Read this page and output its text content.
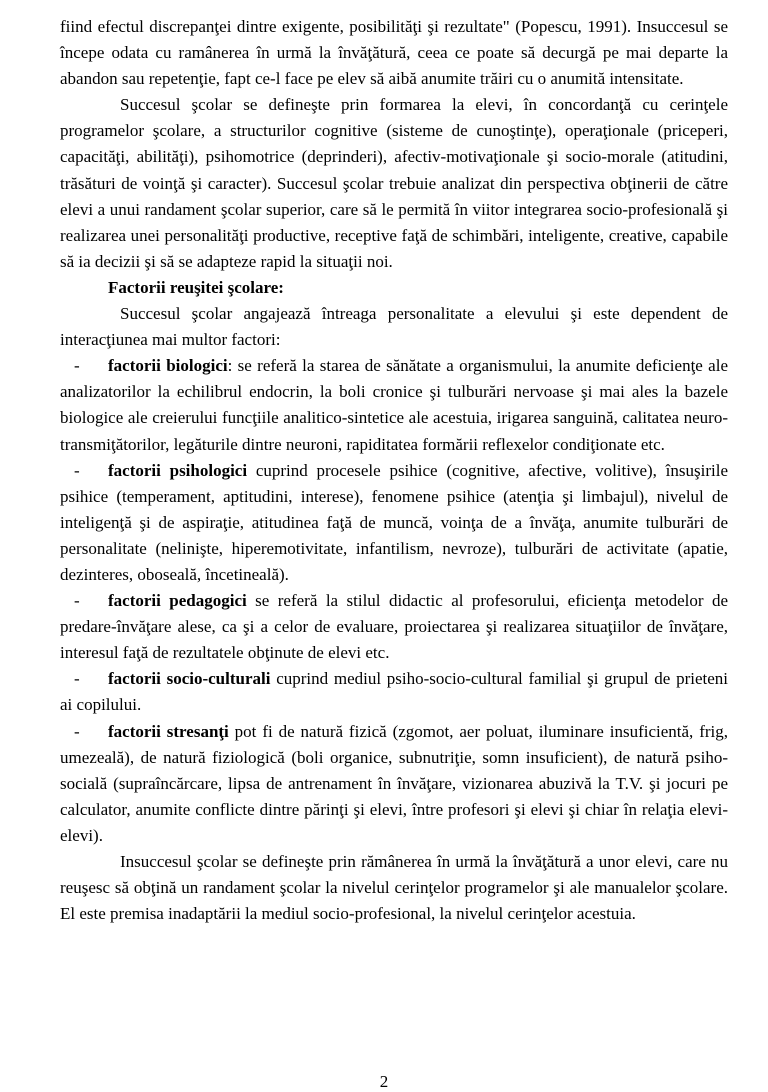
fiind efectul discrepanţei dintre exigente, posibilităţi şi rezultate" (Popescu, 1991). Insuccesul se începe odata cu ramânerea în urmă la învăţătură, ceea ce poate să decurgă pe mai departe la abandon sau repetenţie, fapt ce-l face pe elev să aibă anumite trăiri cu o anumită intensitate.

Succesul şcolar se defineşte prin formarea la elevi, în concordanţă cu cerinţele programelor şcolare, a structurilor cognitive (sisteme de cunoştinţe), operaţionale (priceperi, capacităţi, abilităţi), psihomotrice (deprinderi), afectiv-motivaţionale şi socio-morale (atitudini, trăsături de voinţă şi caracter). Succesul şcolar trebuie analizat din perspectiva obţinerii de către elevi a unui randament şcolar superior, care să le permită în viitor integrarea socio-profesională şi realizarea unei personalităţi productive, receptive faţă de schimbări, inteligente, creative, capabile să ia decizii şi să se adapteze rapid la situaţii noi.

Factorii reuşitei şcolare:

Succesul şcolar angajează întreaga personalitate a elevului şi este dependent de interacţiunea mai multor factori:

- factorii biologici: se referă la starea de sănătate a organismului, la anumite deficienţe ale analizatorilor la echilibrul endocrin, la boli cronice şi tulburări nervoase şi mai ales la bazele biologice ale creierului funcţiile analitico-sintetice ale acestuia, irigarea sanguină, calitatea neuro-transmiţătorilor, legăturile dintre neuroni, rapiditatea formării reflexelor condiţionate etc.

- factorii psihologici cuprind procesele psihice (cognitive, afective, volitive), însuşirile psihice (temperament, aptitudini, interese), fenomene psihice (atenţia şi limbajul), nivelul de inteligenţă şi de aspiraţie, atitudinea faţă de muncă, voinţa de a învăţa, anumite tulburări de personalitate (nelinişte, hiperemotivitate, infantilism, nevroze), tulburări de activitate (apatie, dezinteres, oboseală, încetineală).

- factorii pedagogici se referă la stilul didactic al profesorului, eficienţa metodelor de predare-învăţare alese, ca şi a celor de evaluare, proiectarea şi realizarea situaţiilor de învăţare, interesul faţă de rezultatele obţinute de elevi etc.

- factorii socio-culturali cuprind mediul psiho-socio-cultural familial şi grupul de prieteni ai copilului.

- factorii stresanţi pot fi de natură fizică (zgomot, aer poluat, iluminare insuficientă, frig, umezeală), de natură fiziologică (boli organice, subnutriţie, somn insuficient), de natură psiho-socială (supraîncărcare, lipsa de antrenament în învăţare, vizionarea abuzivă la T.V. şi jocuri pe calculator, anumite conflicte dintre părinţi şi elevi, între profesori şi elevi şi chiar în relaţia elevi-elevi).

Insuccesul şcolar se defineşte prin rămânerea în urmă la învăţătură a unor elevi, care nu reuşesc să obţină un randament şcolar la nivelul cerinţelor programelor şi ale manualelor şcolare. El este premisa inadaptării la mediul socio-profesional, la nivelul cerinţelor acestuia.

2
